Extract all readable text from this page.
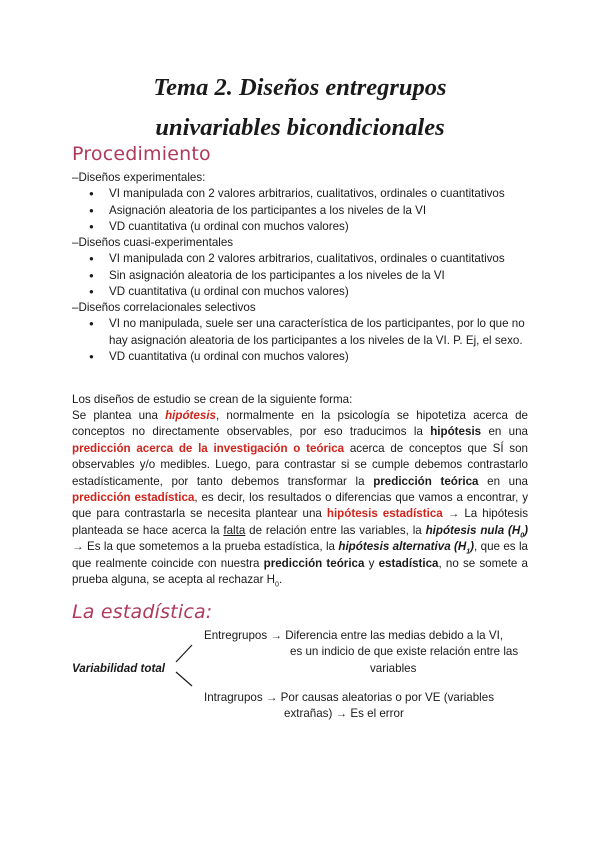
Tema 2. Diseños entregrupos
univariables bicondicionales
Procedimiento

–Diseños experimentales:

● VI manipulada con 2 valores arbitrarios, cualitativos, ordinales o cuantitativos
● Asignación aleatoria de los participantes a los niveles de la VI
● VD cuantitativa (u ordinal con muchos valores)

–Diseños cuasi-experimentales

● VI manipulada con 2 valores arbitrarios, cualitativos, ordinales o cuantitativos
● Sin asignación aleatoria de los participantes a los niveles de la VI
● VD cuantitativa (u ordinal con muchos valores)

–Diseños correlacionales selectivos

● VI no manipulada, suele ser una característica de los participantes, por lo que no hay asignación aleatoria de los participantes a los niveles de la VI. P. Ej, el sexo.
● VD cuantitativa (u ordinal con muchos valores)

Los diseños de estudio se crean de la siguiente forma:

Se plantea una hipótesis, normalmente en la psicología se hipotetiza acerca de conceptos no directamente observables, por eso traducimos la hipótesis en una predicción acerca de la investigación o teórica acerca de conceptos que SÍ son observables y/o medibles. Luego, para contrastar si se cumple debemos contrastarlo estadísticamente, por tanto debemos transformar la predicción teórica en una predicción estadística, es decir, los resultados o diferencias que vamos a encontrar, y que para contrastarla se necesita plantear una hipótesis estadística → La hipótesis planteada se hace acerca la falta de relación entre las variables, la hipótesis nula $(H_0) \to Es$ la que sometemos a la prueba estadística, la hipótesis alternativa $(H_1)$, que es la que realmente coincide con nuestra predicción teórica y estadística, no se somete a prueba alguna, se acepta al rechazar $H_0$.

La estadística:
Variabilidad total
Entregrupos → Diferencia entre las medias debido a la VI,
es un indicio de que existe relación entre las
variables
Intragrupos → Por causas aleatorias o por VE (variables
extrañas) → Es el error
